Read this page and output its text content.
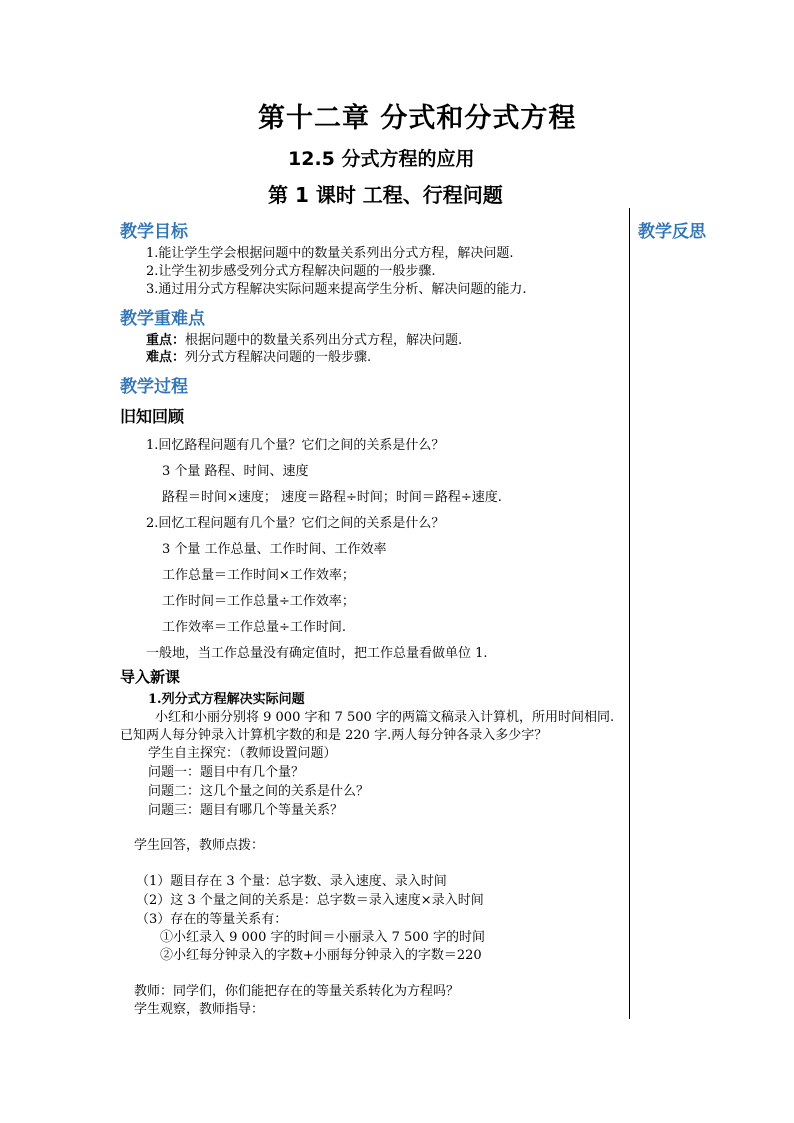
第十二章 分式和分式方程
12.5 分式方程的应用
第 1 课时 工程、行程问题
教学反思
教学目标
1.能让学生学会根据问题中的数量关系列出分式方程，解决问题.
2.让学生初步感受列分式方程解决问题的一般步骤.
3.通过用分式方程解决实际问题来提高学生分析、解决问题的能力.
教学重难点
重点：根据问题中的数量关系列出分式方程，解决问题.
难点：列分式方程解决问题的一般步骤.
教学过程
旧知回顾
1.回忆路程问题有几个量？它们之间的关系是什么？
3 个量 路程、时间、速度
路程＝时间×速度； 速度＝路程÷时间；时间＝路程÷速度.
2.回忆工程问题有几个量？它们之间的关系是什么？
3 个量 工作总量、工作时间、工作效率
工作总量＝工作时间×工作效率；
工作时间＝工作总量÷工作效率；
工作效率＝工作总量÷工作时间.
一般地，当工作总量没有确定值时，把工作总量看做单位 1.
导入新课
1.列分式方程解决实际问题
小红和小丽分别将 9 000 字和 7 500 字的两篇文稿录入计算机，所用时间相同.
已知两人每分钟录入计算机字数的和是 220 字.两人每分钟各录入多少字？
学生自主探究：（教师设置问题）
问题一：题目中有几个量？
问题二：这几个量之间的关系是什么？
问题三：题目有哪几个等量关系？
学生回答，教师点拨：
（1）题目存在 3 个量：总字数、录入速度、录入时间
（2）这 3 个量之间的关系是：总字数＝录入速度×录入时间
（3）存在的等量关系有：
①小红录入 9 000 字的时间＝小丽录入 7 500 字的时间
②小红每分钟录入的字数+小丽每分钟录入的字数＝220
教师：同学们，你们能把存在的等量关系转化为方程吗？
学生观察，教师指导：
